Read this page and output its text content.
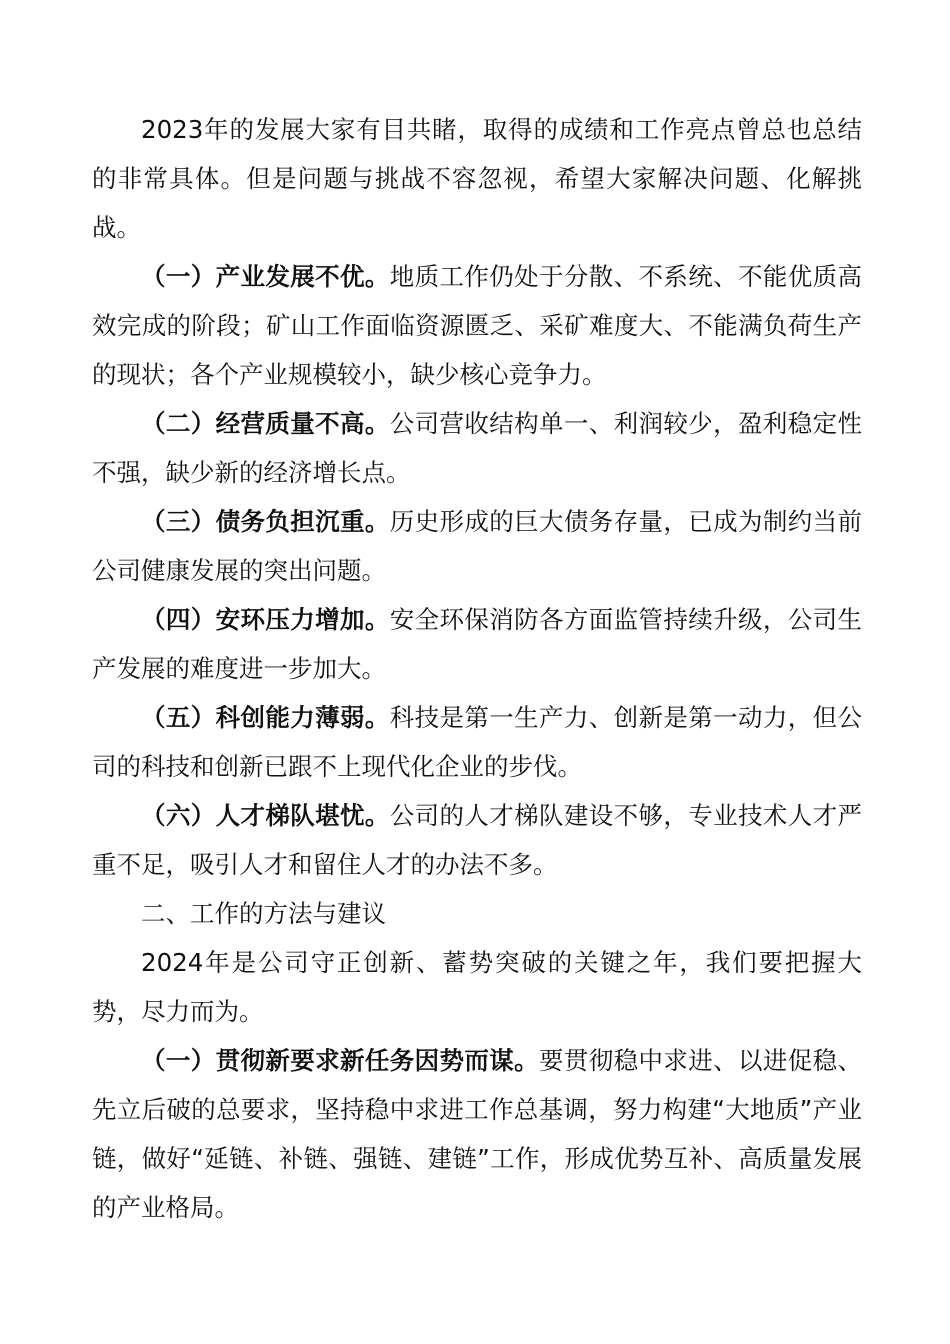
2023年的发展大家有目共睹，取得的成绩和工作亮点曾总也总结的非常具体。但是问题与挑战不容忽视，希望大家解决问题、化解挑战。

（一）产业发展不优。地质工作仍处于分散、不系统、不能优质高效完成的阶段；矿山工作面临资源匮乏、采矿难度大、不能满负荷生产的现状；各个产业规模较小，缺少核心竞争力。

（二）经营质量不高。公司营收结构单一、利润较少，盈利稳定性不强，缺少新的经济增长点。

（三）债务负担沉重。历史形成的巨大债务存量，已成为制约当前公司健康发展的突出问题。

（四）安环压力增加。安全环保消防各方面监管持续升级，公司生产发展的难度进一步加大。

（五）科创能力薄弱。科技是第一生产力、创新是第一动力，但公司的科技和创新已跟不上现代化企业的步伐。

（六）人才梯队堪忧。公司的人才梯队建设不够，专业技术人才严重不足，吸引人才和留住人才的办法不多。

二、工作的方法与建议

2024年是公司守正创新、蓄势突破的关键之年，我们要把握大势，尽力而为。

（一）贯彻新要求新任务因势而谋。要贯彻稳中求进、以进促稳、先立后破的总要求，坚持稳中求进工作总基调，努力构建“大地质”产业链，做好“延链、补链、强链、建链”工作，形成优势互补、高质量发展的产业格局。
